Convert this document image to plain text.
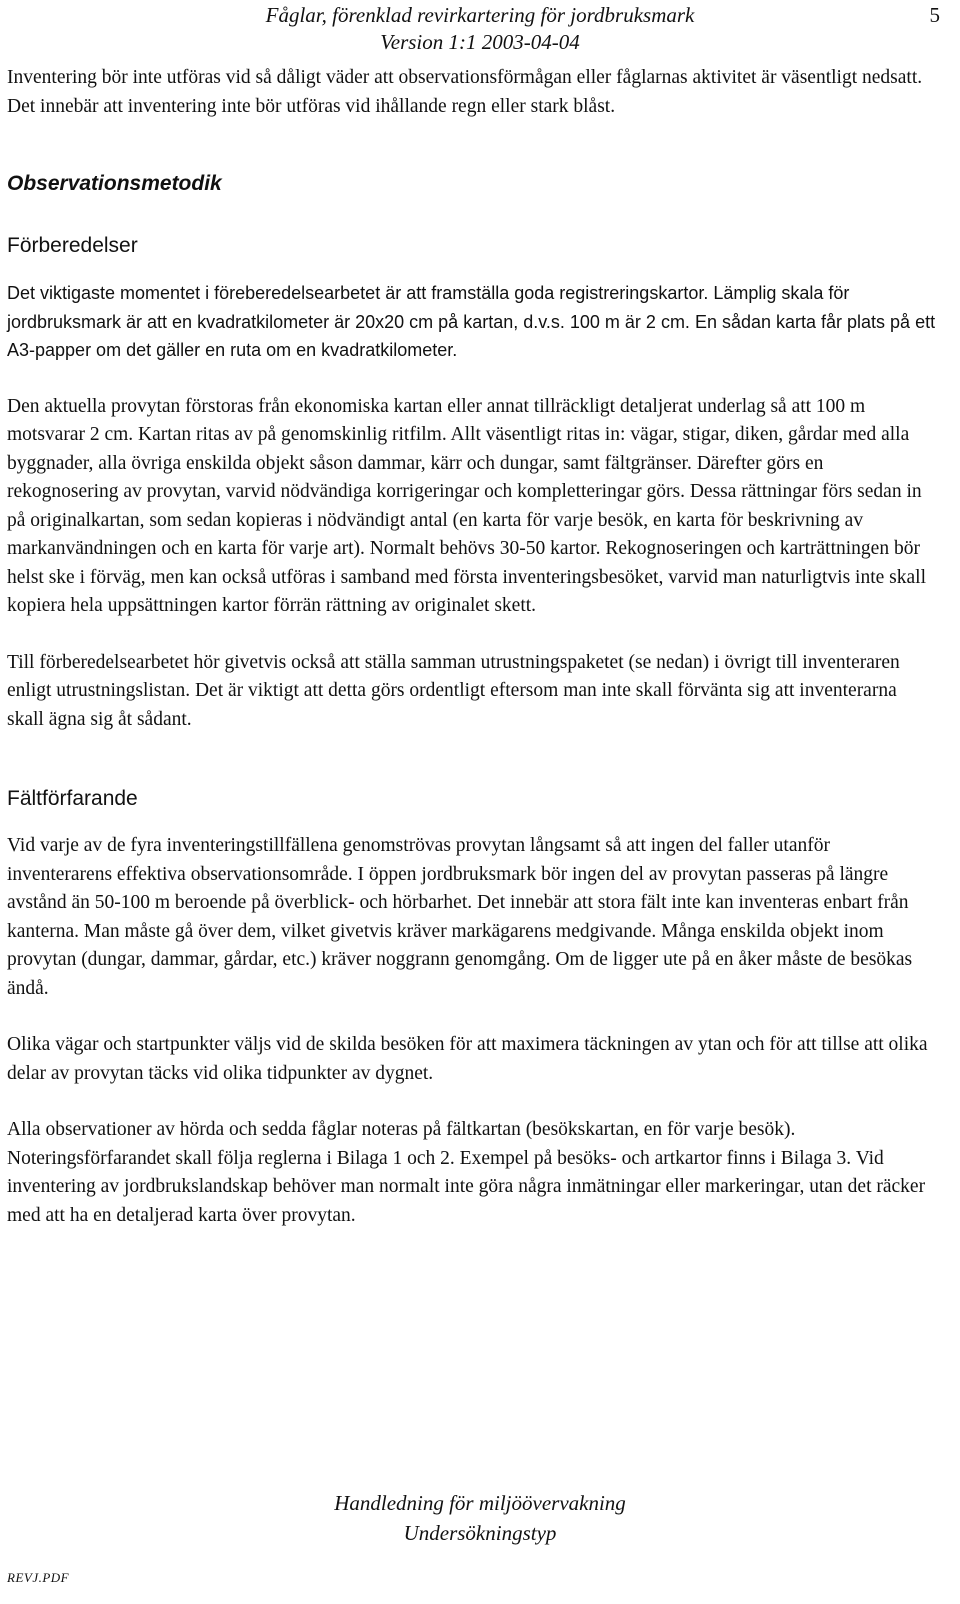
Fåglar, förenklad revirkartering för jordbruksmark
Version 1:1 2003-04-04
5

Inventering bör inte utföras vid så dåligt väder att observationsförmågan eller fåglarnas aktivitet är väsentligt nedsatt. Det innebär att inventering inte bör utföras vid ihållande regn eller stark blåst.

Observationsmetodik
Förberedelser

Det viktigaste momentet i föreberedelsearbetet är att framställa goda registreringskartor. Lämplig skala för jordbruksmark är att en kvadratkilometer är 20x20 cm på kartan, d.v.s. 100 m är 2 cm. En sådan karta får plats på ett A3-papper om det gäller en ruta om en kvadratkilometer.

Den aktuella provytan förstoras från ekonomiska kartan eller annat tillräckligt detaljerat underlag så att 100 m motsvarar 2 cm. Kartan ritas av på genomskinlig ritfilm. Allt väsentligt ritas in: vägar, stigar, diken, gårdar med alla byggnader, alla övriga enskilda objekt såson dammar, kärr och dungar, samt fältgränser. Därefter görs en rekognosering av provytan, varvid nödvändiga korrigeringar och kompletteringar görs. Dessa rättningar förs sedan in på originalkartan, som sedan kopieras i nödvändigt antal (en karta för varje besök, en karta för beskrivning av markanvändningen och en karta för varje art). Normalt behövs 30-50 kartor. Rekognoseringen och karträttningen bör helst ske i förväg, men kan också utföras i samband med första inventeringsbesöket, varvid man naturligtvis inte skall kopiera hela uppsättningen kartor förrän rättning av originalet skett.

Till förberedelsearbetet hör givetvis också att ställa samman utrustningspaketet (se nedan) i övrigt till inventeraren enligt utrustningslistan. Det är viktigt att detta görs ordentligt eftersom man inte skall förvänta sig att inventerarna skall ägna sig åt sådant.

Fältförfarande

Vid varje av de fyra inventeringstillfällena genomströvas provytan långsamt så att ingen del faller utanför inventerarens effektiva observationsområde. I öppen jordbruksmark bör ingen del av provytan passeras på längre avstånd än 50-100 m beroende på överblick- och hörbarhet. Det innebär att stora fält inte kan inventeras enbart från kanterna. Man måste gå över dem, vilket givetvis kräver markägarens medgivande. Många enskilda objekt inom provytan (dungar, dammar, gårdar, etc.) kräver noggrann genomgång. Om de ligger ute på en åker måste de besökas ändå.

Olika vägar och startpunkter väljs vid de skilda besöken för att maximera täckningen av ytan och för att tillse att olika delar av provytan täcks vid olika tidpunkter av dygnet.

Alla observationer av hörda och sedda fåglar noteras på fältkartan (besökskartan, en för varje besök). Noteringsförfarandet skall följa reglerna i Bilaga 1 och 2. Exempel på besöks- och artkartor finns i Bilaga 3. Vid inventering av jordbrukslandskap behöver man normalt inte göra några inmätningar eller markeringar, utan det räcker med att ha en detaljerad karta över provytan.

Handledning för miljöövervakning
Undersökningstyp
REVJ.PDF
